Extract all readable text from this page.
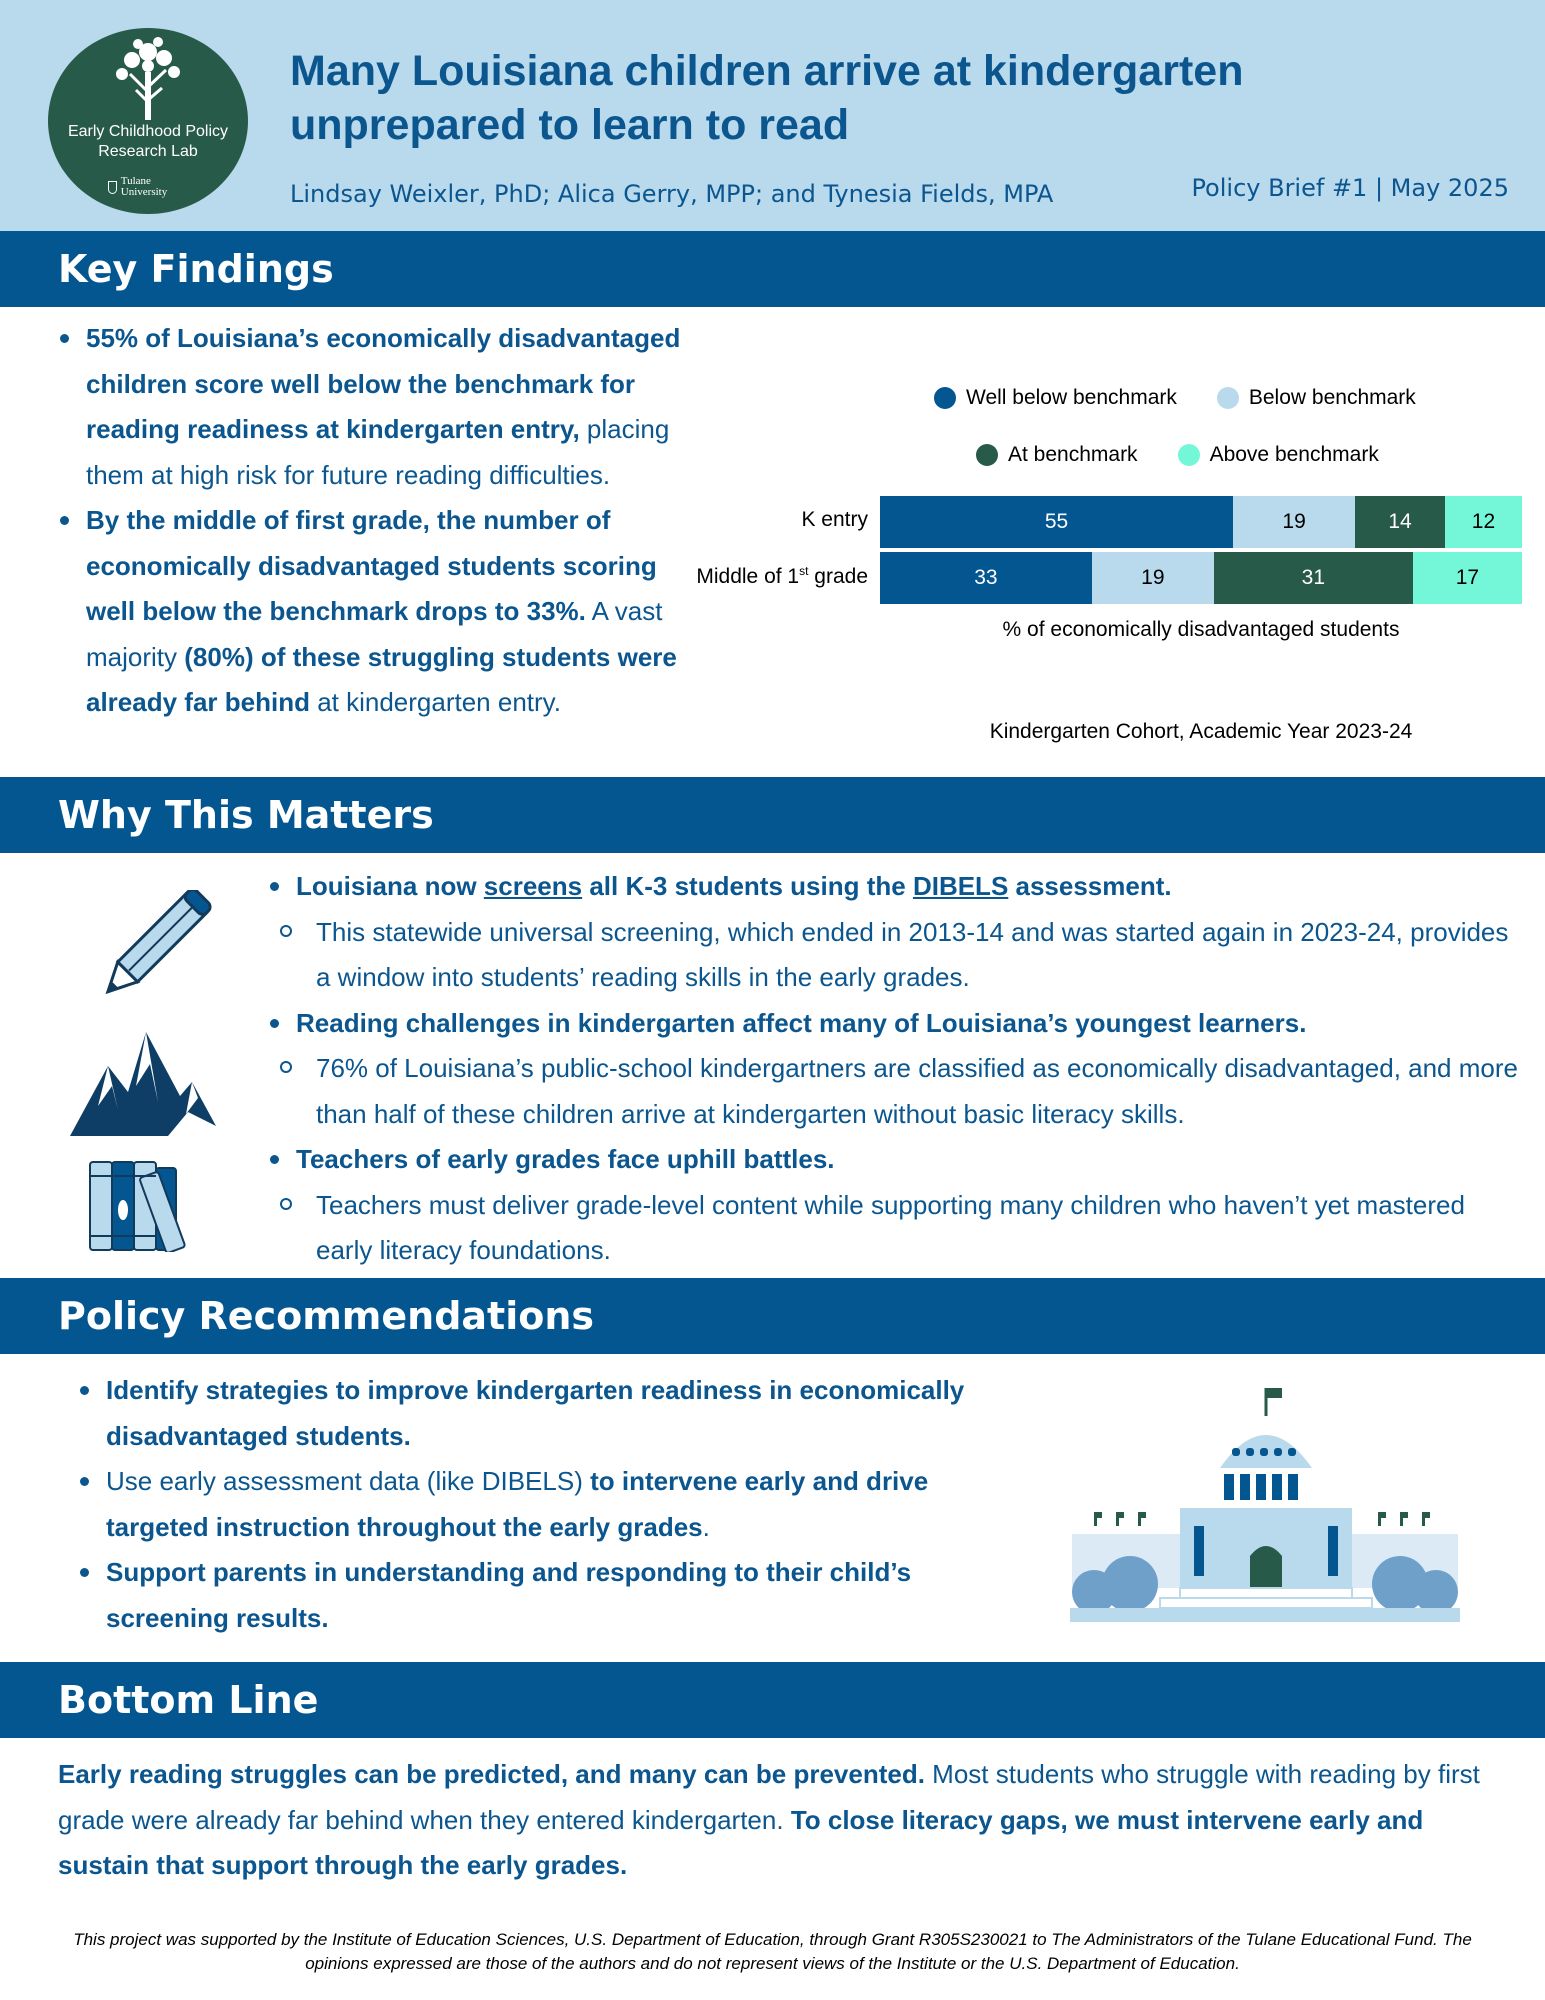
Early Childhood Policy Research Lab
Tulane University
Many Louisiana children arrive at kindergarten unprepared to learn to read
Lindsay Weixler, PhD; Alica Gerry, MPP; and Tynesia Fields, MPA	Policy Brief #1 | May 2025
Key Findings
55% of Louisiana’s economically disadvantaged children score well below the benchmark for reading readiness at kindergarten entry, placing them at high risk for future reading difficulties.
By the middle of first grade, the number of economically disadvantaged students scoring well below the benchmark drops to 33%. A vast majority (80%) of these struggling students were already far behind at kindergarten entry.
Well below benchmark	Below benchmark
At benchmark	Above benchmark
K entry
Middle of 1st grade
55	19	14	12
33	19	31	17
% of economically disadvantaged students
Kindergarten Cohort, Academic Year 2023-24
Why This Matters
Louisiana now screens all K-3 students using the DIBELS assessment.
This statewide universal screening, which ended in 2013-14 and was started again in 2023-24, provides a window into students’ reading skills in the early grades.
Reading challenges in kindergarten affect many of Louisiana’s youngest learners.
76% of Louisiana’s public-school kindergartners are classified as economically disadvantaged, and more than half of these children arrive at kindergarten without basic literacy skills.
Teachers of early grades face uphill battles.
Teachers must deliver grade-level content while supporting many children who haven’t yet mastered early literacy foundations.
Policy Recommendations
Identify strategies to improve kindergarten readiness in economically disadvantaged students.
Use early assessment data (like DIBELS) to intervene early and drive targeted instruction throughout the early grades.
Support parents in understanding and responding to their child’s screening results.
Bottom Line
Early reading struggles can be predicted, and many can be prevented. Most students who struggle with reading by first grade were already far behind when they entered kindergarten. To close literacy gaps, we must intervene early and sustain that support through the early grades.
This project was supported by the Institute of Education Sciences, U.S. Department of Education, through Grant R305S230021 to The Administrators of the Tulane Educational Fund. The opinions expressed are those of the authors and do not represent views of the Institute or the U.S. Department of Education.
